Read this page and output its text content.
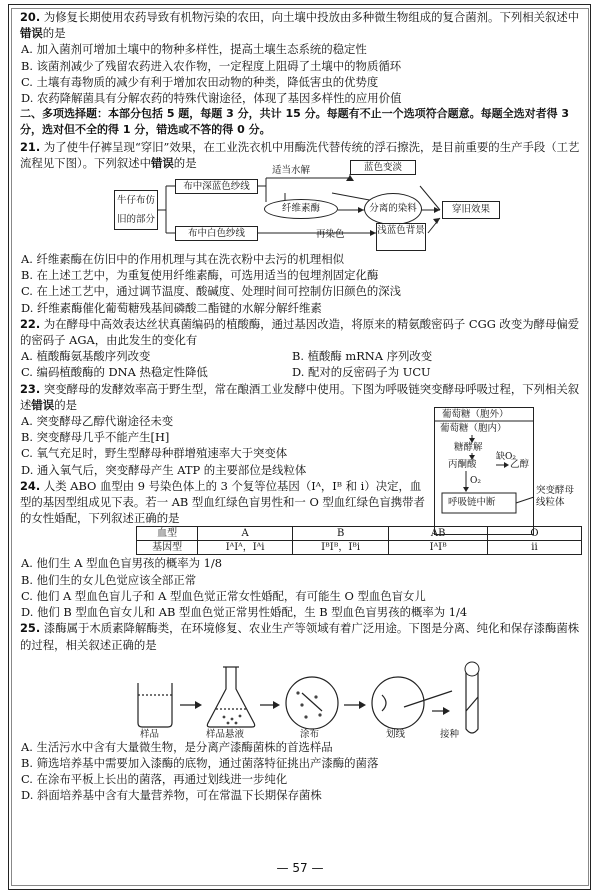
20. 为修复长期使用农药导致有机物污染的农田，向土壤中投放由多种微生物组成的复合菌剂。下列相关叙述中错误的是
A. 加入菌剂可增加土壤中的物种多样性，提高土壤生态系统的稳定性
B. 该菌剂减少了残留农药进入农作物，一定程度上阻碍了土壤中的物质循环
C. 土壤有毒物质的减少有利于增加农田动物的种类，降低害虫的优势度
D. 农药降解菌具有分解农药的特殊代谢途径，体现了基因多样性的应用价值
二、多项选择题：本部分包括 5 题，每题 3 分，共计 15 分。每题有不止一个选项符合题意。每题全选对者得 3 分，选对但不全的得 1 分，错选或不答的得 0 分。
21. 为了使牛仔裤呈现“穿旧”效果，在工业洗衣机中用酶洗代替传统的浮石擦洗，是目前重要的生产手段（工艺流程见下图）。下列叙述中错误的是
牛仔布仿旧的部分
布中深蓝色纱线
布中白色纱线
适当水解
纤维素酶
蓝色变淡
分离的染料
再染色	浅蓝色背景
穿旧效果
A. 纤维素酶在仿旧中的作用机理与其在洗衣粉中去污的机理相似
B. 在上述工艺中，为重复使用纤维素酶，可选用适当的包埋剂固定化酶
C. 在上述工艺中，通过调节温度、酸碱度、处理时间可控制仿旧颜色的深浅
D. 纤维素酶催化葡萄糖残基间磷酸二酯键的水解分解纤维素
22. 为在酵母中高效表达丝状真菌编码的植酸酶，通过基因改造，将原来的精氨酸密码子 CGG 改变为酵母偏爱的密码子 AGA，由此发生的变化有
A. 植酸酶氨基酸序列改变	B. 植酸酶 mRNA 序列改变
C. 编码植酸酶的 DNA 热稳定性降低	D. 配对的反密码子为 UCU
23. 突变酵母的发酵效率高于野生型，常在酿酒工业发酵中使用。下图为呼吸链突变酵母呼吸过程，下列相关叙述错误的是
A. 突变酵母乙醇代谢途径未变
B. 突变酵母几乎不能产生[H]
C. 氧气充足时，野生型酵母种群增殖速率大于突变体
D. 通入氧气后，突变酵母产生 ATP 的主要部位是线粒体
葡萄糖（胞外）
葡萄糖（胞内）
糖酵解
丙酮酸
缺O₂
乙醇
O₂
呼吸链中断
突变酵母线粒体
24. 人类 ABO 血型由 9 号染色体上的 3 个复等位基因（Iᴬ，Iᴮ 和 i）决定，血型的基因型组成见下表。若一 AB 型血红绿色盲男性和一 O 型血红绿色盲携带者的女性婚配，下列叙述正确的是
血型	A	B	AB	O
基因型	IᴬIᴬ，Iᴬi	IᴮIᴮ，Iᴮi	IᴬIᴮ	ii
A. 他们生 A 型血色盲男孩的概率为 1/8
B. 他们生的女儿色觉应该全部正常
C. 他们 A 型血色盲儿子和 A 型血色觉正常女性婚配，有可能生 O 型血色盲女儿
D. 他们 B 型血色盲女儿和 AB 型血色觉正常男性婚配，生 B 型血色盲男孩的概率为 1/4
25. 漆酶属于木质素降解酶类，在环境修复、农业生产等领域有着广泛用途。下图是分离、纯化和保存漆酶菌株的过程，相关叙述正确的是
样品	样品悬液	涂布	划线	接种
A. 生活污水中含有大量微生物，是分离产漆酶菌株的首选样品
B. 筛选培养基中需要加入漆酶的底物，通过菌落特征挑出产漆酶的菌落
C. 在涂布平板上长出的菌落，再通过划线进一步纯化
D. 斜面培养基中含有大量营养物，可在常温下长期保存菌株
— 57 —
